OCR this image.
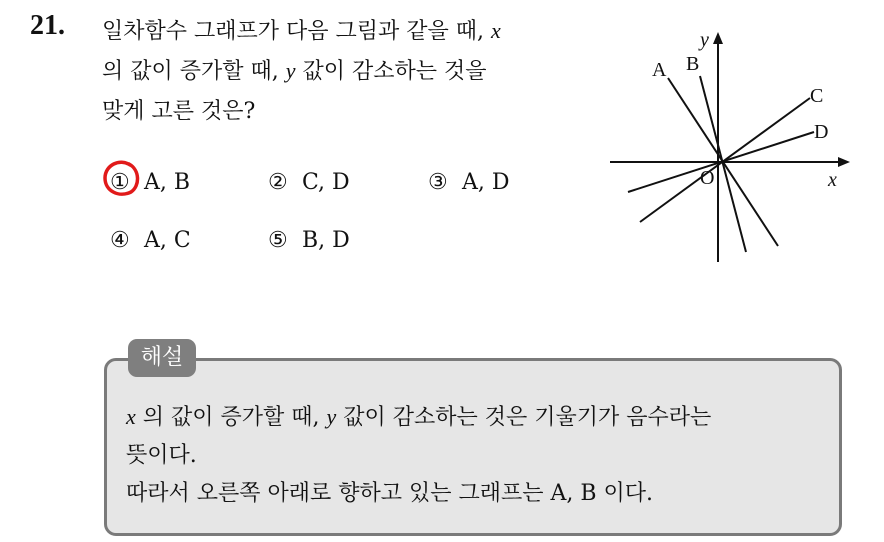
21. 일차함수 그래프가 다음 그림과 같을 때, x
의 값이 증가할 때, y 값이 감소하는 것을
맞게 고른 것은?
① A, B	② C, D	③ A, D
④ A, C	⑤ B, D
y
x
O
A B
C
D
해설
x 의 값이 증가할 때, y 값이 감소하는 것은 기울기가 음수라는
뜻이다.
따라서 오른쪽 아래로 향하고 있는 그래프는 A, B 이다.
